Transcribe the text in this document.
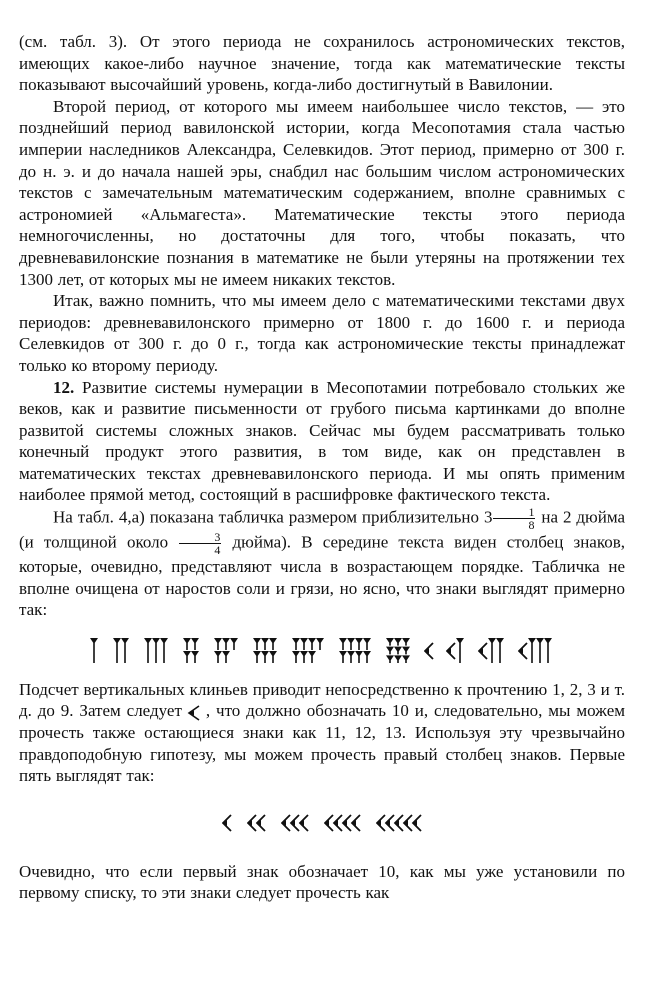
(см. табл. 3). От этого периода не сохранилось астрономических текстов, имеющих какое-либо научное значение, тогда как математические тексты показывают высочайший уровень, когда-либо достигнутый в Вавилонии.

Второй период, от которого мы имеем наибольшее число текстов, — это позднейший период вавилонской истории, когда Месопотамия стала частью империи наследников Александра, Селевкидов. Этот период, примерно от 300 г. до н. э. и до начала нашей эры, снабдил нас большим числом астрономических текстов с замечательным математическим содержанием, вполне сравнимых с астрономией «Альмагеста». Математические тексты этого периода немногочисленны, но достаточны для того, чтобы показать, что древневавилонские познания в математике не были утеряны на протяжении тех 1300 лет, от которых мы не имеем никаких текстов.

Итак, важно помнить, что мы имеем дело с математическими текстами двух периодов: древневавилонского примерно от 1800 г. до 1600 г. и периода Селевкидов от 300 г. до 0 г., тогда как астрономические тексты принадлежат только ко второму периоду.

12. Развитие системы нумерации в Месопотамии потребовало стольких же веков, как и развитие письменности от грубого письма картинками до вполне развитой системы сложных знаков. Сейчас мы будем рассматривать только конечный продукт этого развития, в том виде, как он представлен в математических текстах древневавилонского периода. И мы опять применим наиболее прямой метод, состоящий в расшифровке фактического текста.

На табл. 4,а) показана табличка размером приблизительно $3 \frac{1}{8}$ на 2 дюйма (и толщиной около $\frac{3}{4}$ дюйма). В середине текста виден столбец знаков, которые, очевидно, представляют числа в возрастающем порядке. Табличка не вполне очищена от наростов соли и грязи, но ясно, что знаки выглядят примерно так:

Подсчет вертикальных клиньев приводит непосредственно к прочтению 1, 2, 3 и т. д. до 9. Затем следует , что должно обозначать 10 и, следовательно, мы можем прочесть также остающиеся знаки как 11, 12, 13. Используя эту чрезвычайно правдоподобную гипотезу, мы можем прочесть правый столбец знаков. Первые пять выглядят так:

Очевидно, что если первый знак обозначает 10, как мы уже установили по первому списку, то эти знаки следует прочесть как
